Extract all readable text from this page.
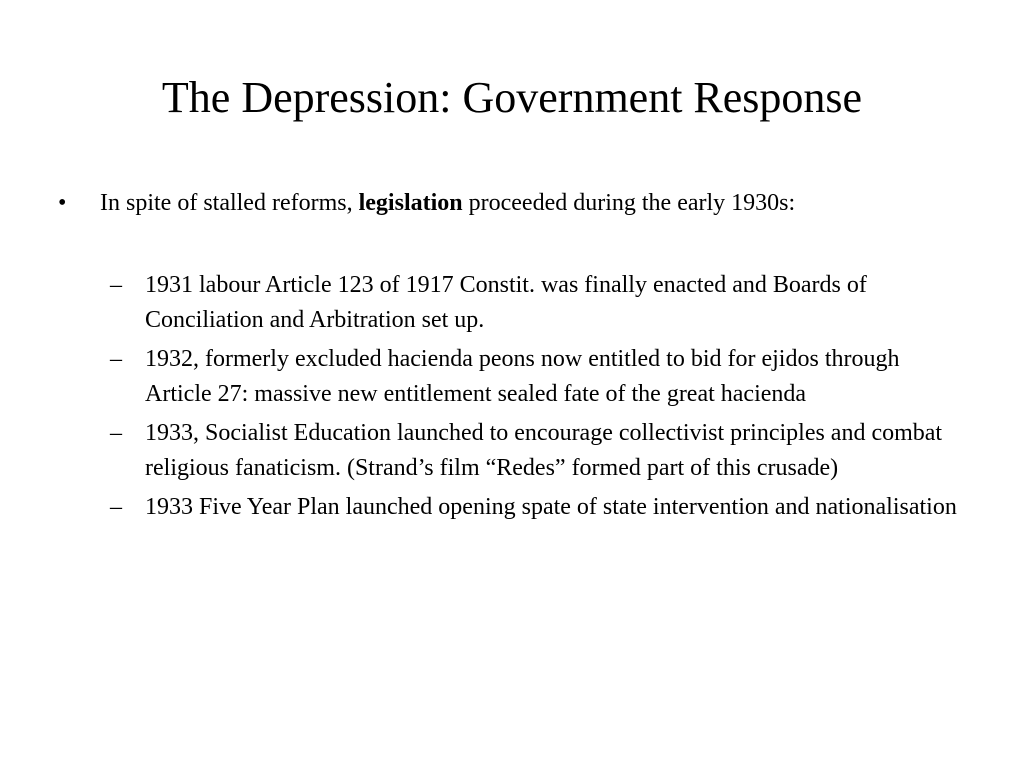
The Depression: Government Response
•	In spite of stalled reforms, legislation proceeded during the early 1930s:
– 1931 labour Article 123 of 1917 Constit. was finally enacted and Boards of Conciliation and Arbitration set up.
– 1932, formerly excluded hacienda peons now entitled to bid for ejidos through Article 27: massive new entitlement sealed fate of the great hacienda
– 1933, Socialist Education launched to encourage collectivist principles and combat religious fanaticism. (Strand’s film “Redes” formed part of this crusade)
– 1933 Five Year Plan launched opening spate of state intervention and nationalisation
